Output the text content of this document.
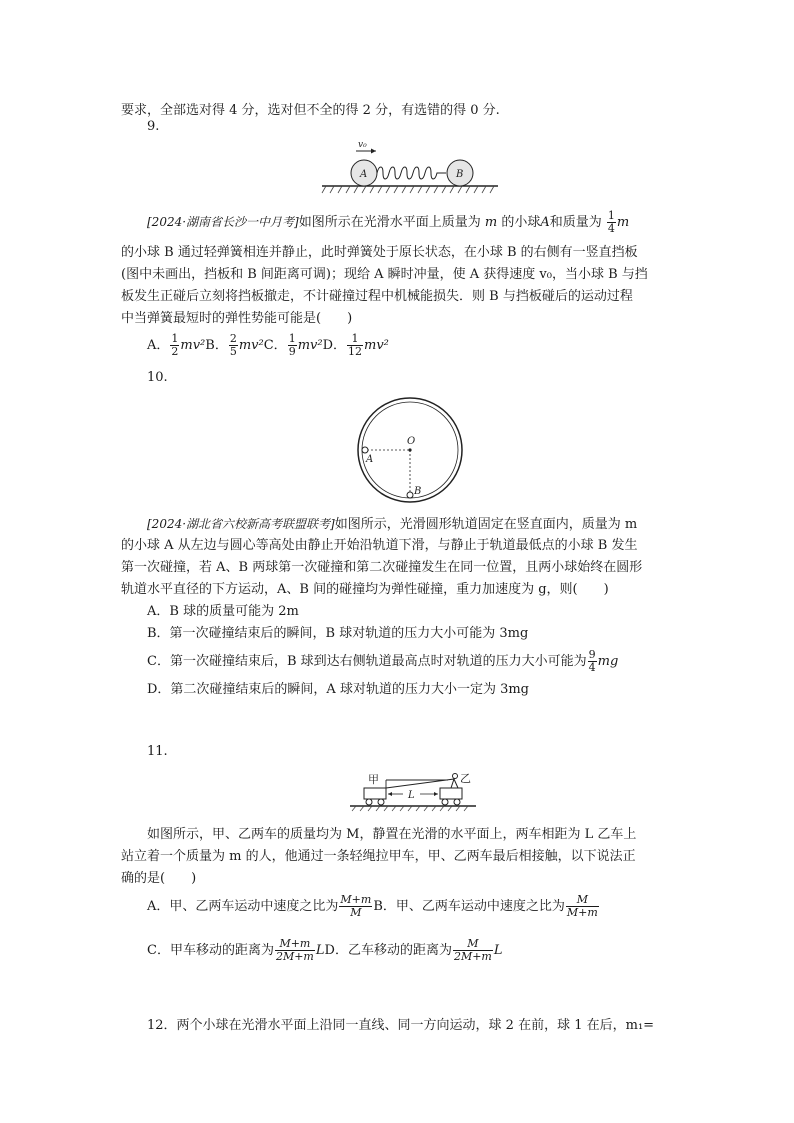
要求，全部选对得 4 分，选对但不全的得 2 分，有选错的得 0 分.
9.
v₀
A	B
[2024·湖南省长沙一中月考]如图所示在光滑水平面上质量为 m 的小球A和质量为 $\frac{1}{4}$ m
的小球 B 通过轻弹簧相连并静止，此时弹簧处于原长状态，在小球 B 的右侧有一竖直挡板
(图中未画出，挡板和 B 间距离可调)；现给 A 瞬时冲量，使 A 获得速度 v₀，当小球 B 与挡
板发生正碰后立刻将挡板撤走，不计碰撞过程中机械能损失．则 B 与挡板碰后的运动过程
中当弹簧最短时的弹性势能可能是(　　)
A． $\frac{1}{2} mv^2B$． $\frac{2}{5} mv^2C$． $\frac{1}{9} mv^2D$． $\frac{1}{12} mv^2$
10.
O
A
B
[2024·湖北省六校新高考联盟联考]如图所示，光滑圆形轨道固定在竖直面内，质量为 m
的小球 A 从左边与圆心等高处由静止开始沿轨道下滑，与静止于轨道最低点的小球 B 发生
第一次碰撞，若 A、B 两球第一次碰撞和第二次碰撞发生在同一位置，且两小球始终在圆形
轨道水平直径的下方运动，A、B 间的碰撞均为弹性碰撞，重力加速度为 g，则(　　)
A．B 球的质量可能为 2m
B．第一次碰撞结束后的瞬间，B 球对轨道的压力大小可能为 3mg
C．第一次碰撞结束后，B 球到达右侧轨道最高点时对轨道的压力大小可能为 $\frac{9}{4}$ mg
D．第二次碰撞结束后的瞬间，A 球对轨道的压力大小一定为 3mg
11.
甲	乙
L
如图所示，甲、乙两车的质量均为 M，静置在光滑的水平面上，两车相距为 L 乙车上
站立着一个质量为 m 的人，他通过一条轻绳拉甲车，甲、乙两车最后相接触，以下说法正
确的是(　　)
A．甲、乙两车运动中速度之比为 $\frac{M+m}{M}$ B．甲、乙两车运动中速度之比为 $\frac{M}{M+m}$
C．甲车移动的距离为 $\frac{M+m}{2M+m}$ LD．乙车移动的距离为 $\frac{M}{2M+m}$ L
12．两个小球在光滑水平面上沿同一直线、同一方向运动，球 2 在前，球 1 在后，m₁=
